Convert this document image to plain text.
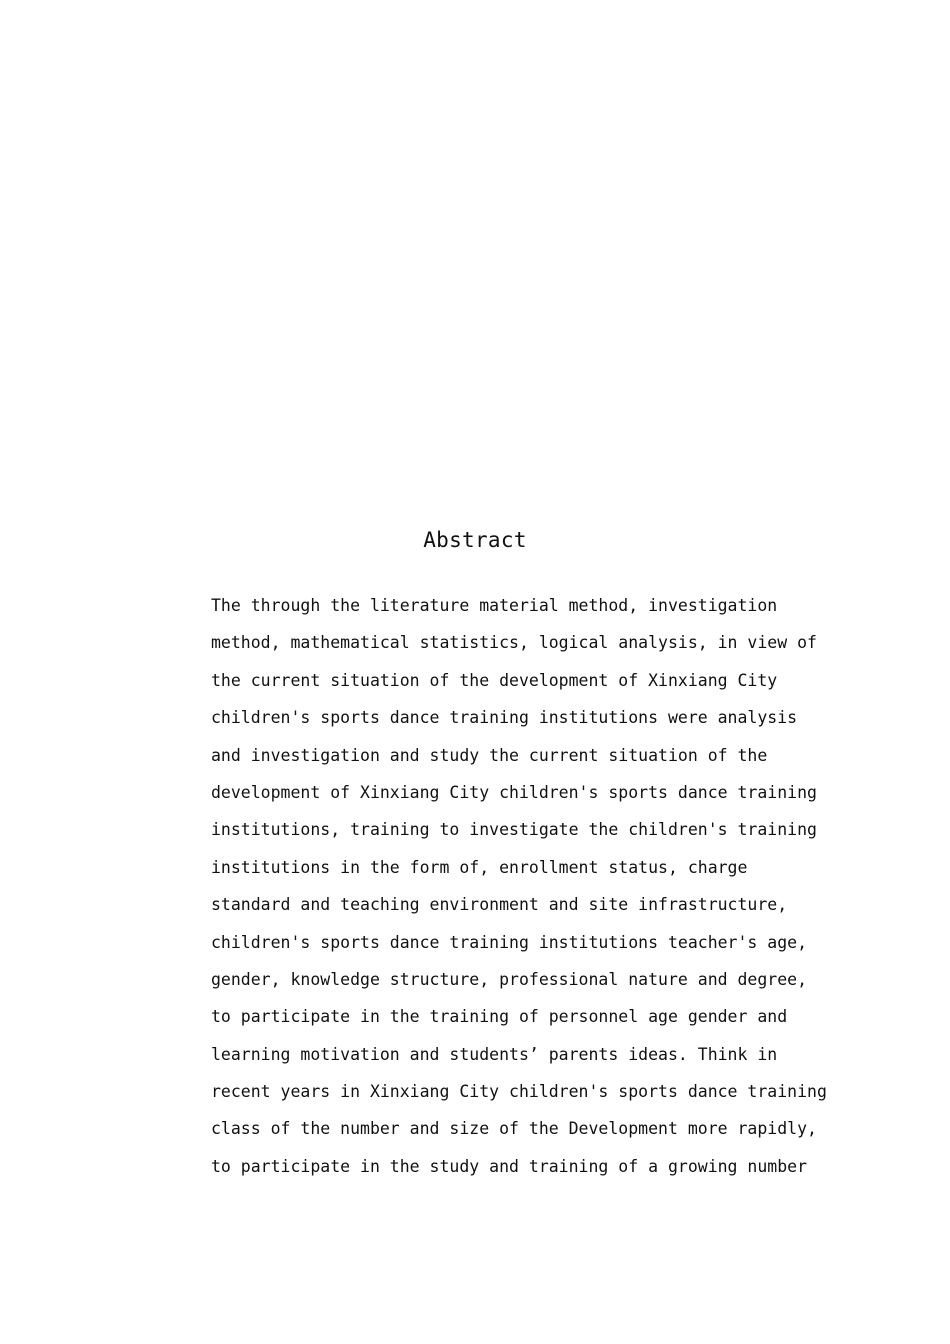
Abstract
The through the literature material method, investigation
method, mathematical statistics, logical analysis, in view of
the current situation of the development of Xinxiang City
children's sports dance training institutions were analysis
and investigation and study the current situation of the
development of Xinxiang City children's sports dance training
institutions, training to investigate the children's training
institutions in the form of, enrollment status, charge
standard and teaching environment and site infrastructure,
children's sports dance training institutions teacher's age,
gender, knowledge structure, professional nature and degree,
to participate in the training of personnel age gender and
learning motivation and students’ parents ideas. Think in
recent years in Xinxiang City children's sports dance training
class of the number and size of the Development more rapidly,
to participate in the study and training of a growing number
